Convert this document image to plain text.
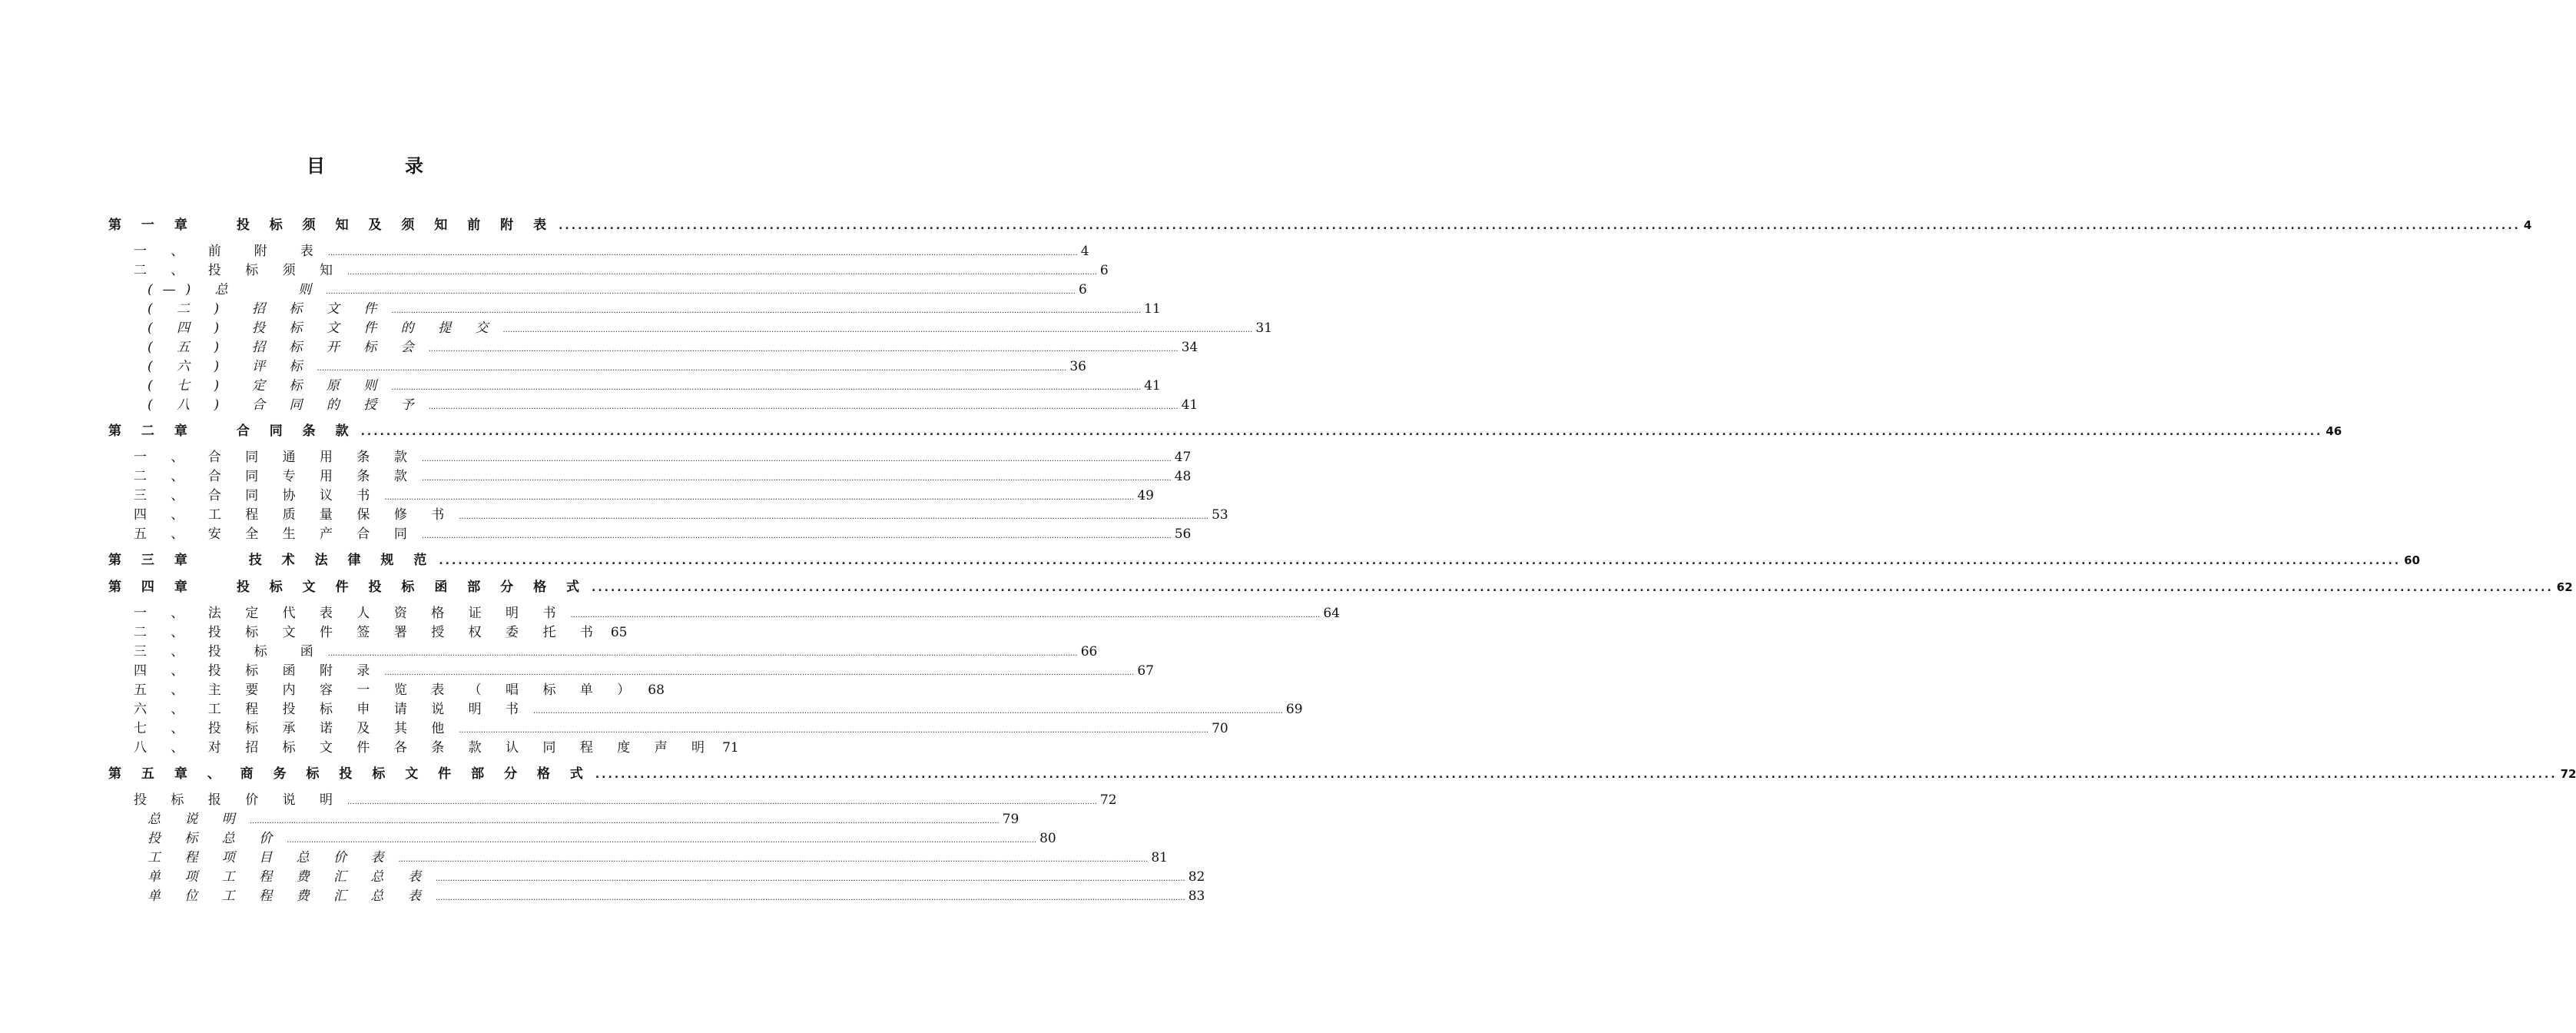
目　录
第 一 章　　投 标 须 知 及 须 知 前 附 表 .....	4
一 、 前　附　表 .....	4
二 、 投 标 须 知 .....	6
(—) 总　　 则 .....	6
( 二 )　招 标 文 件 .....	11
( 四 )　投 标 文 件 的 提 交 .....	31
( 五 )　招 标 开 标 会 .....	34
( 六 )　评 标 .....	36
( 七 )　定 标 原 则 .....	41
( 八 )　合 同 的 授 予 .....	41
第 二 章　　合 同 条 款 .....	46
一 、 合 同 通 用 条 款 .....	47
二 、 合 同 专 用 条 款 .....	48
三 、 合 同 协 议 书 .....	49
四 、 工 程 质 量 保 修 书 .....	53
五 、 安 全 生 产 合 同 .....	56
第 三 章　　 技 术 法 律 规 范 .....	60
第 四 章　　投 标 文 件 投 标 函 部 分 格 式 .....	62
一 、 法 定 代 表 人 资 格 证 明 书 .....	64
二 、 投 标 文 件 签 署 授 权 委 托 书 65
三 、 投　标　函 .....	66
四 、 投 标 函 附 录 .....	67
五 、 主 要 内 容 一 览 表 （ 唱 标 单 ） 68
六 、 工 程 投 标 申 请 说 明 书 .....	69
七 、 投 标 承 诺 及 其 他 .....	70
八 、 对 招 标 文 件 各 条 款 认 同 程 度 声 明 71
第 五 章 、 商 务 标 投 标 文 件 部 分 格 式 .....	72
投 标 报 价 说 明 .....	72
总 说 明 .....	79
投 标 总 价 .....	80
工 程 项 目 总 价 表 .....	81
单 项 工 程 费 汇 总 表 .....	82
单 位 工 程 费 汇 总 表 .....	83
